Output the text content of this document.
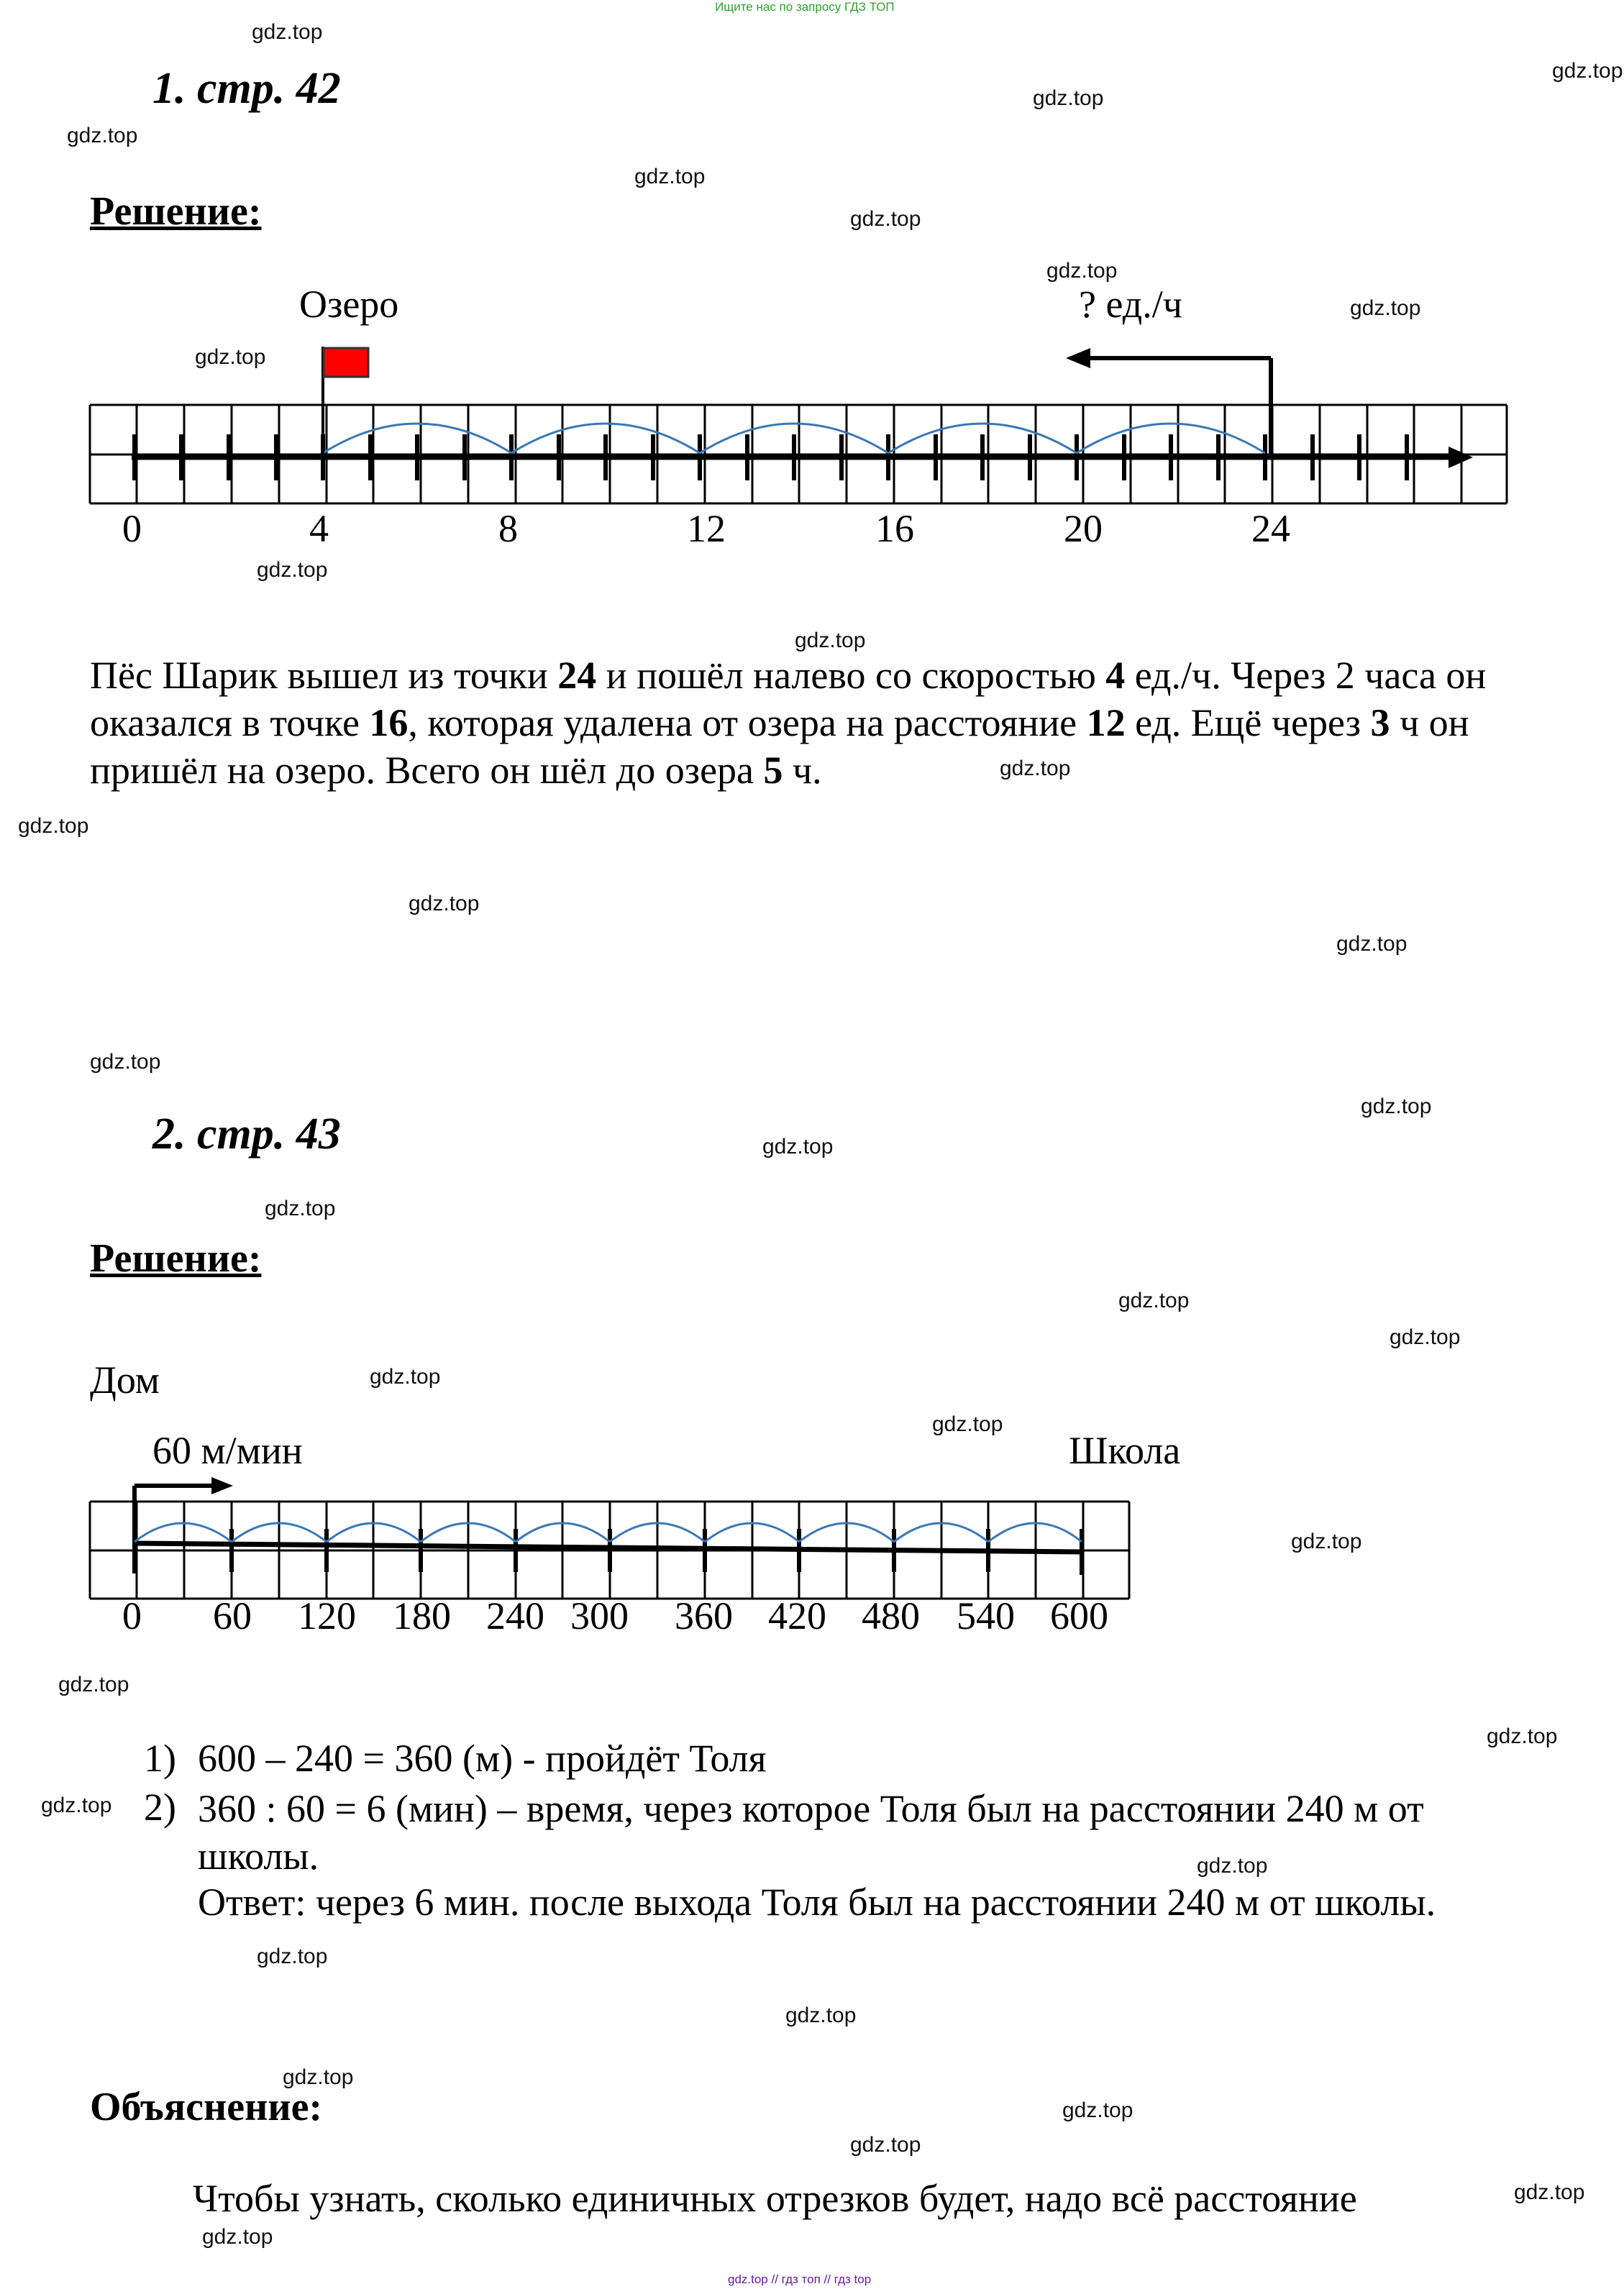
Ищите нас по запросу ГДЗ ТОП
gdz.top
gdz.top
gdz.top
gdz.top
gdz.top
gdz.top
gdz.top
gdz.top
gdz.top
gdz.top
gdz.top
gdz.top
gdz.top
gdz.top
gdz.top
gdz.top
gdz.top
gdz.top
gdz.top
gdz.top
gdz.top
gdz.top
gdz.top
gdz.top
gdz.top
gdz.top
gdz.top
gdz.top
gdz.top
gdz.top
gdz.top
gdz.top
gdz.top
gdz.top
gdz.top
1. стр. 42
Решение:
Озеро	? ед./ч
0	4	8	12	16	20	24
Пёс Шарик вышел из точки 24 и пошёл налево со скоростью 4 ед./ч. Через 2 часа он оказался в точке 16, которая удалена от озера на расстояние 12 ед. Ещё через 3 ч он пришёл на озеро. Всего он шёл до озера 5 ч.
2. стр. 43
Решение:
Дом
60 м/мин	Школа
0 60 120 180 240 300 360 420 480 540 600
1) 600 – 240 = 360 (м) - пройдёт Толя
2) 360 : 60 = 6 (мин) – время, через которое Толя был на расстоянии 240 м от школы.
Ответ: через 6 мин. после выхода Толя был на расстоянии 240 м от школы.
Объяснение:
Чтобы узнать, сколько единичных отрезков будет, надо всё расстояние
gdz.top // гдз топ // гдз top
